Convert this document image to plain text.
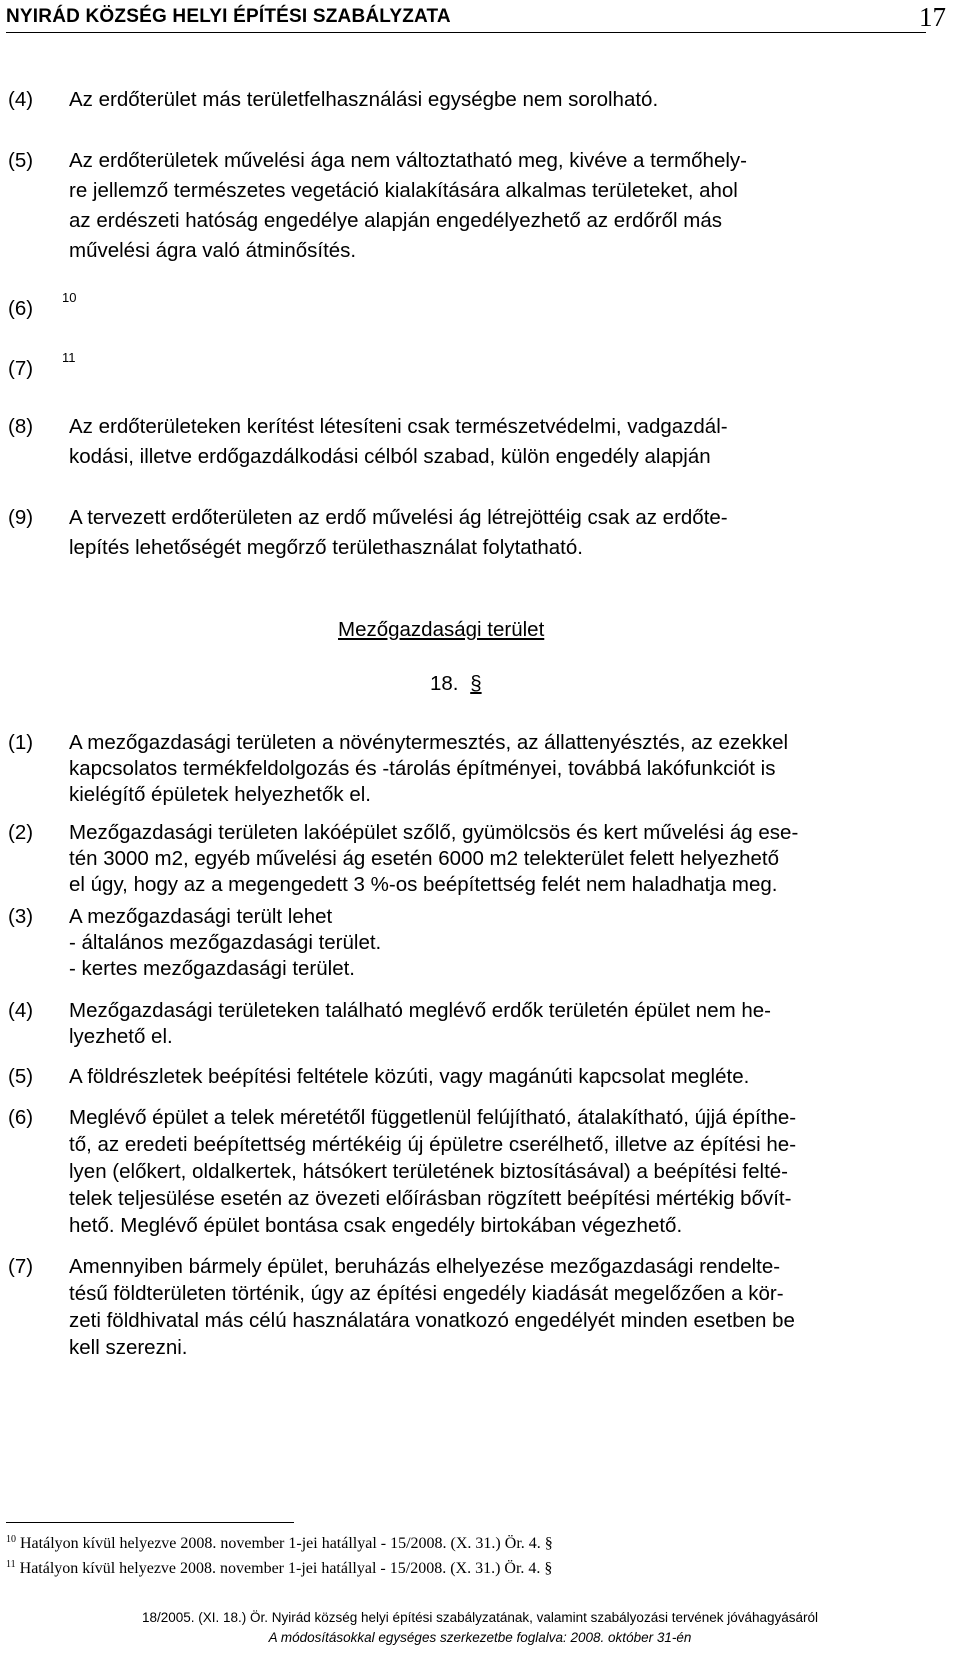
NYIRÁD KÖZSÉG HELYI ÉPÍTÉSI SZABÁLYZATA	17
(4) Az erdőterület más területfelhasználási egységbe nem sorolható.
(5) Az erdőterületek művelési ága nem változtatható meg, kivéve a termőhely-
re jellemző természetes vegetáció kialakítására alkalmas területeket, ahol
az erdészeti hatóság engedélye alapján engedélyezhető az erdőről más
művelési ágra való átminősítés.
(6) 10
(7) 11
(8) Az erdőterületeken kerítést létesíteni csak természetvédelmi, vadgazdál-
kodási, illetve erdőgazdálkodási célból szabad, külön engedély alapján
(9) A tervezett erdőterületen az erdő művelési ág létrejöttéig csak az erdőte-
lepítés lehetőségét megőrző területhasználat folytatható.
Mezőgazdasági terület
18. §
(1) A mezőgazdasági területen a növénytermesztés, az állattenyésztés, az ezekkel
kapcsolatos termékfeldolgozás és -tárolás építményei, továbbá lakófunkciót is
kielégítő épületek helyezhetők el.
(2) Mezőgazdasági területen lakóépület szőlő, gyümölcsös és kert művelési ág ese-
tén 3000 m2, egyéb művelési ág esetén 6000 m2 telekterület felett helyezhető
el úgy, hogy az a megengedett 3 %-os beépítettség felét nem haladhatja meg.
(3) A mezőgazdasági terült lehet
- általános mezőgazdasági terület.
- kertes mezőgazdasági terület.
(4) Mezőgazdasági területeken található meglévő erdők területén épület nem he-
lyezhető el.
(5) A földrészletek beépítési feltétele közúti, vagy magánúti kapcsolat megléte.
(6) Meglévő épület a telek méretétől függetlenül felújítható, átalakítható, újjá építhe-
tő, az eredeti beépítettség mértékéig új épületre cserélhető, illetve az építési he-
lyen (előkert, oldalkertek, hátsókert területének biztosításával) a beépítési felté-
telek teljesülése esetén az övezeti előírásban rögzített beépítési mértékig bővít-
hető. Meglévő épület bontása csak engedély birtokában végezhető.
(7) Amennyiben bármely épület, beruházás elhelyezése mezőgazdasági rendelte-
tésű földterületen történik, úgy az építési engedély kiadását megelőzően a kör-
zeti földhivatal más célú használatára vonatkozó engedélyét minden esetben be
kell szerezni.
$^{10}$ Hatályon kívül helyezve 2008. november 1-jei hatállyal - 15/2008. (X. 31.) Ör. 4. §
$^{11}$ Hatályon kívül helyezve 2008. november 1-jei hatállyal - 15/2008. (X. 31.) Ör. 4. §
18/2005. (XI. 18.) Ör. Nyirád község helyi építési szabályzatának, valamint szabályozási tervének jóváhagyásáról
A módosításokkal egységes szerkezetbe foglalva: 2008. október 31-én
